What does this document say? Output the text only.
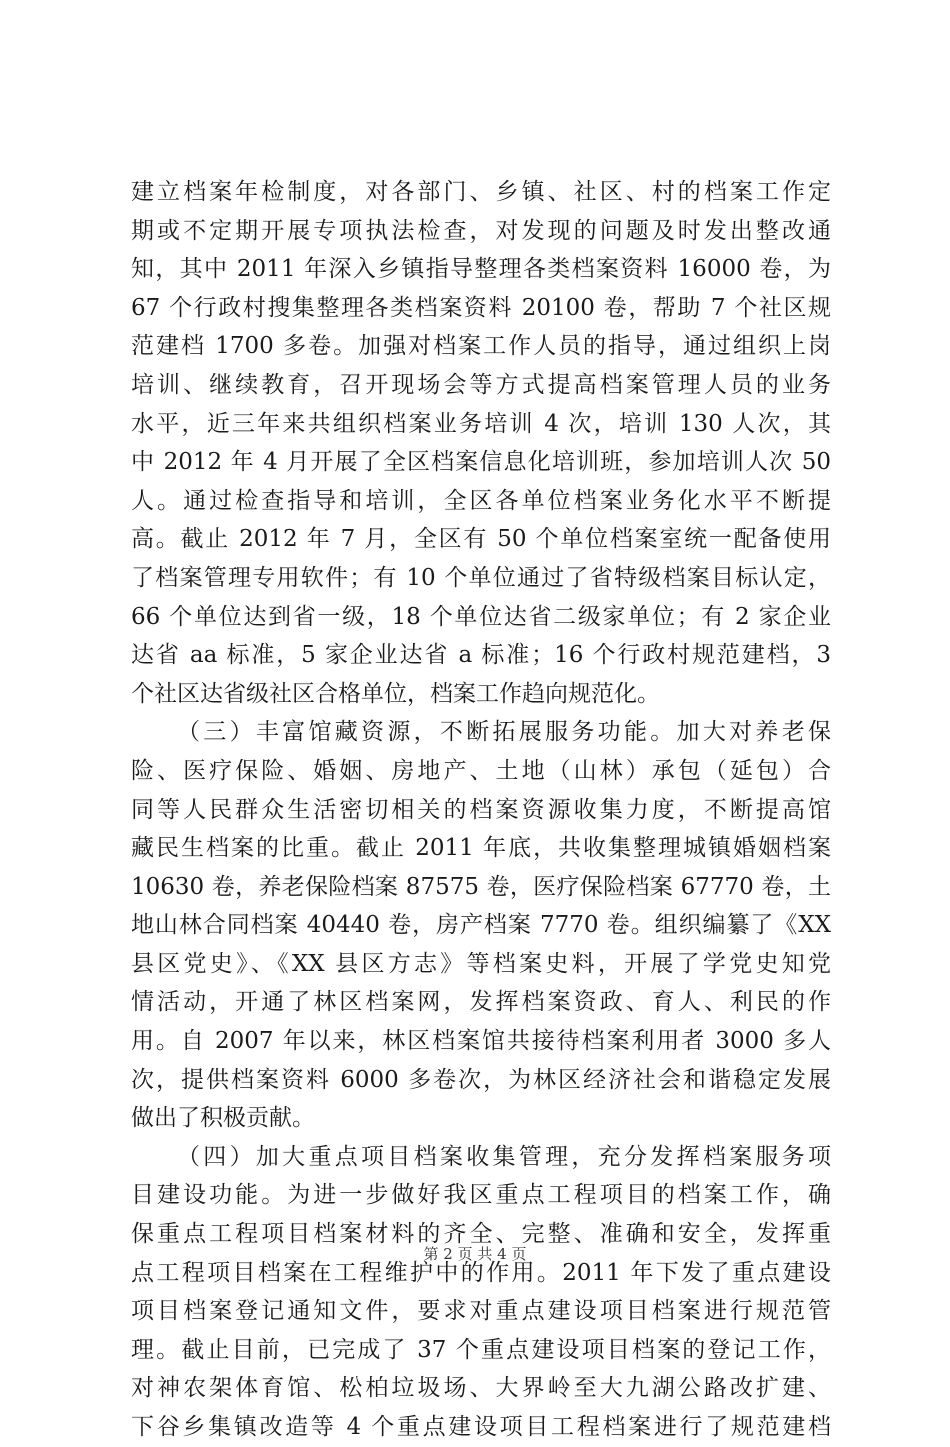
建立档案年检制度，对各部门、乡镇、社区、村的档案工作定
期或不定期开展专项执法检查，对发现的问题及时发出整改通
知，其中 2011 年深入乡镇指导整理各类档案资料 16000 卷，为
67 个行政村搜集整理各类档案资料 20100 卷，帮助 7 个社区规
范建档 1700 多卷。加强对档案工作人员的指导，通过组织上岗
培训、继续教育，召开现场会等方式提高档案管理人员的业务
水平，近三年来共组织档案业务培训 4 次，培训 130 人次，其
中 2012 年 4 月开展了全区档案信息化培训班，参加培训人次 50
人。通过检查指导和培训，全区各单位档案业务化水平不断提
高。截止 2012 年 7 月，全区有 50 个单位档案室统一配备使用
了档案管理专用软件；有 10 个单位通过了省特级档案目标认定，
66 个单位达到省一级，18 个单位达省二级家单位；有 2 家企业
达省 aa 标准，5 家企业达省 a 标准；16 个行政村规范建档，3
个社区达省级社区合格单位，档案工作趋向规范化。
（三）丰富馆藏资源，不断拓展服务功能。加大对养老保
险、医疗保险、婚姻、房地产、土地（山林）承包（延包）合
同等人民群众生活密切相关的档案资源收集力度，不断提高馆
藏民生档案的比重。截止 2011 年底，共收集整理城镇婚姻档案
10630 卷，养老保险档案 87575 卷，医疗保险档案 67770 卷，土
地山林合同档案 40440 卷，房产档案 7770 卷。组织编纂了《XX
县区党史》、《XX 县区方志》等档案史料，开展了学党史知党
情活动，开通了林区档案网，发挥档案资政、育人、利民的作
用。自 2007 年以来，林区档案馆共接待档案利用者 3000 多人
次，提供档案资料 6000 多卷次，为林区经济社会和谐稳定发展
做出了积极贡献。
（四）加大重点项目档案收集管理，充分发挥档案服务项
目建设功能。为进一步做好我区重点工程项目的档案工作，确
保重点工程项目档案材料的齐全、完整、准确和安全，发挥重
点工程项目档案在工程维护中的作用。2011 年下发了重点建设
项目档案登记通知文件，要求对重点建设项目档案进行规范管
理。截止目前，已完成了 37 个重点建设项目档案的登记工作，
对神农架体育馆、松柏垃圾场、大界岭至大九湖公路改扩建、
下谷乡集镇改造等 4 个重点建设项目工程档案进行了规范建档
第 2 页 共 4 页
